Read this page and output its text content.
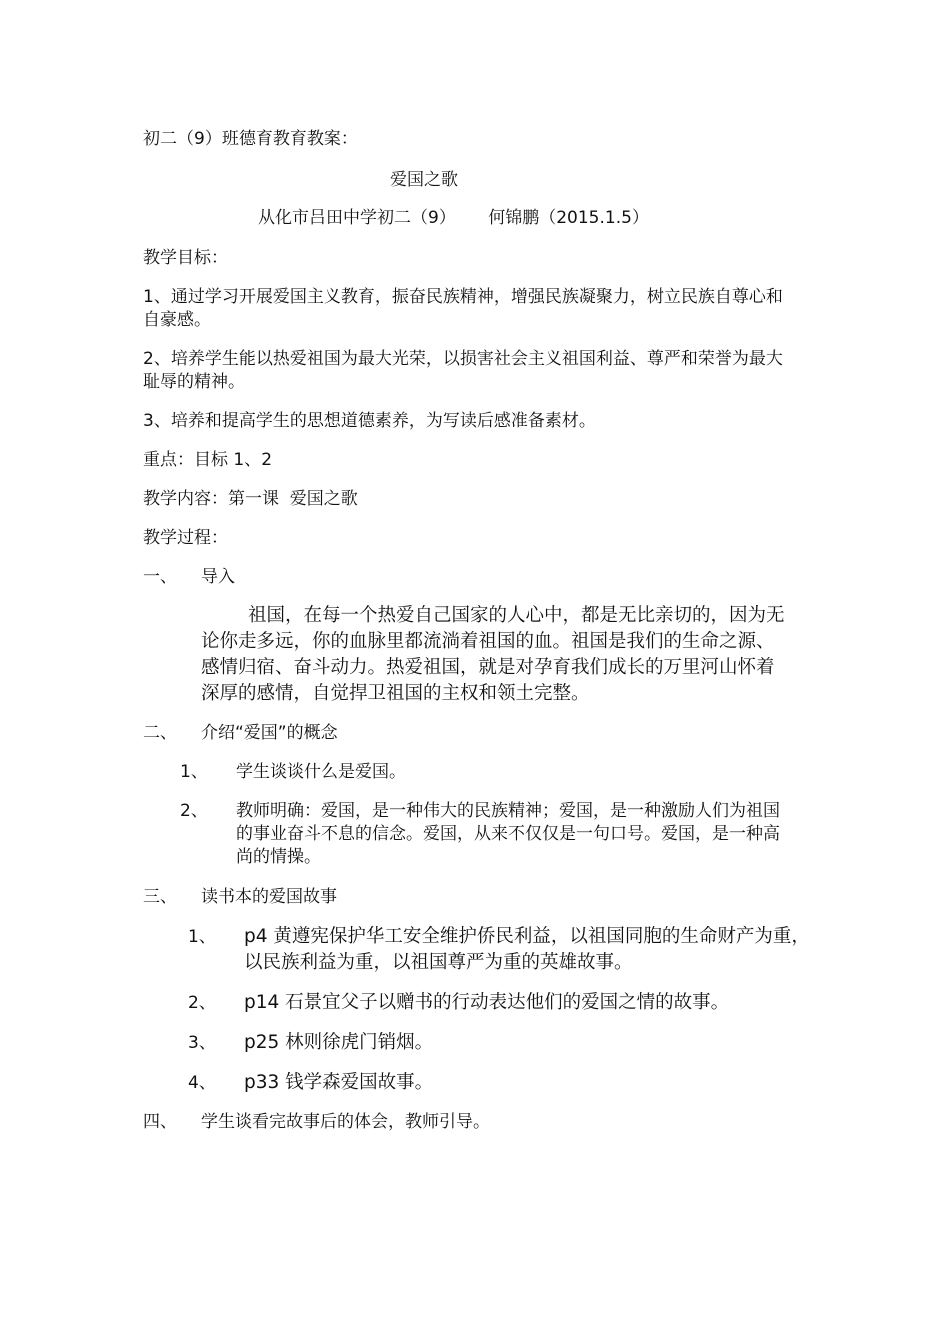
初二（9）班德育教育教案：
爱国之歌
从化市吕田中学初二（9）      何锦鹏（2015.1.5）
教学目标：
1、通过学习开展爱国主义教育，振奋民族精神，增强民族凝聚力，树立民族自尊心和
自豪感。
2、培养学生能以热爱祖国为最大光荣，以损害社会主义祖国利益、尊严和荣誉为最大
耻辱的精神。
3、培养和提高学生的思想道德素养，为写读后感准备素材。
重点：目标 1、2
教学内容：第一课  爱国之歌
教学过程：
一、 导入
祖国，在每一个热爱自己国家的人心中，都是无比亲切的，因为无
论你走多远，你的血脉里都流淌着祖国的血。祖国是我们的生命之源、
感情归宿、奋斗动力。热爱祖国，就是对孕育我们成长的万里河山怀着
深厚的感情，自觉捍卫祖国的主权和领土完整。
二、 介绍“爱国”的概念
1、 学生谈谈什么是爱国。
2、 教师明确：爱国，是一种伟大的民族精神；爱国，是一种激励人们为祖国
的事业奋斗不息的信念。爱国，从来不仅仅是一句口号。爱国，是一种高
尚的情操。
三、 读书本的爱国故事
1、 p4 黄遵宪保护华工安全维护侨民利益，以祖国同胞的生命财产为重，
以民族利益为重，以祖国尊严为重的英雄故事。
2、 p14 石景宜父子以赠书的行动表达他们的爱国之情的故事。
3、 p25 林则徐虎门销烟。
4、 p33 钱学森爱国故事。
四、 学生谈看完故事后的体会，教师引导。
